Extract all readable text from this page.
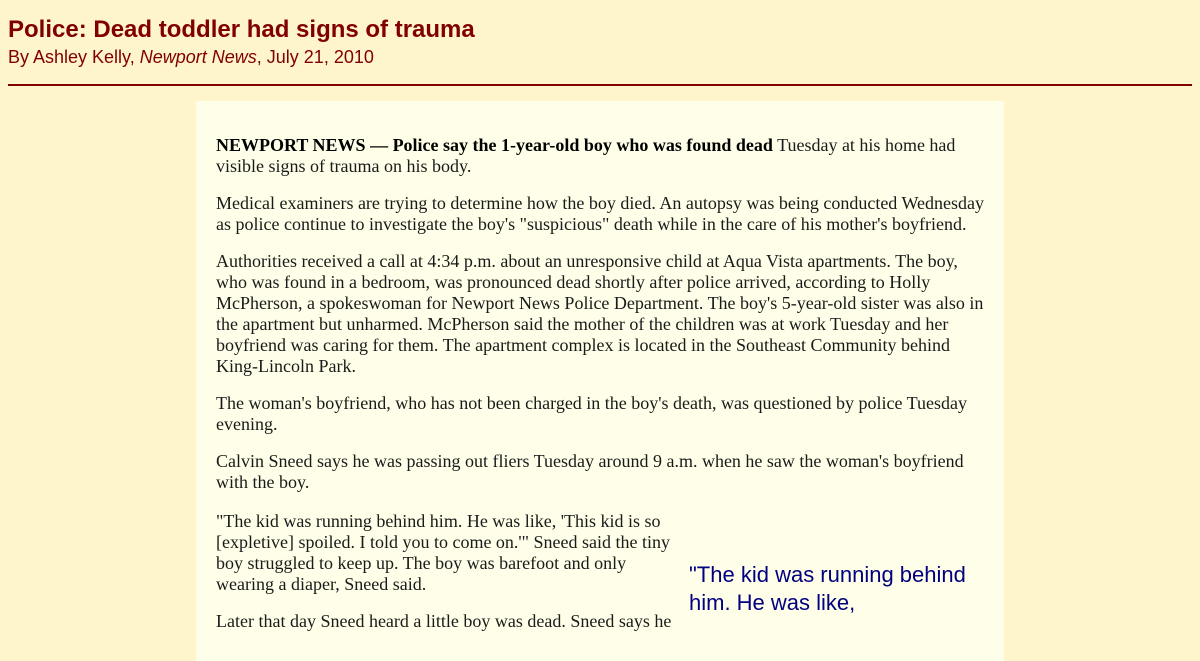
Police: Dead toddler had signs of trauma
By Ashley Kelly, Newport News, July 21, 2010

NEWPORT NEWS — Police say the 1-year-old boy who was found dead Tuesday at his home had visible signs of trauma on his body.

Medical examiners are trying to determine how the boy died. An autopsy was being conducted Wednesday as police continue to investigate the boy's "suspicious" death while in the care of his mother's boyfriend.

Authorities received a call at 4:34 p.m. about an unresponsive child at Aqua Vista apartments. The boy, who was found in a bedroom, was pronounced dead shortly after police arrived, according to Holly McPherson, a spokeswoman for Newport News Police Department. The boy's 5-year-old sister was also in the apartment but unharmed. McPherson said the mother of the children was at work Tuesday and her boyfriend was caring for them. The apartment complex is located in the Southeast Community behind King-Lincoln Park.

The woman's boyfriend, who has not been charged in the boy's death, was questioned by police Tuesday evening.

Calvin Sneed says he was passing out fliers Tuesday around 9 a.m. when he saw the woman's boyfriend with the boy.

"The kid was running behind him. He was like, 'This kid is so [expletive] spoiled. I told you to come on.'" Sneed said the tiny boy struggled to keep up. The boy was barefoot and only wearing a diaper, Sneed said.

Later that day Sneed heard a little boy was dead. Sneed says he

"The kid was running behind him. He was like,
